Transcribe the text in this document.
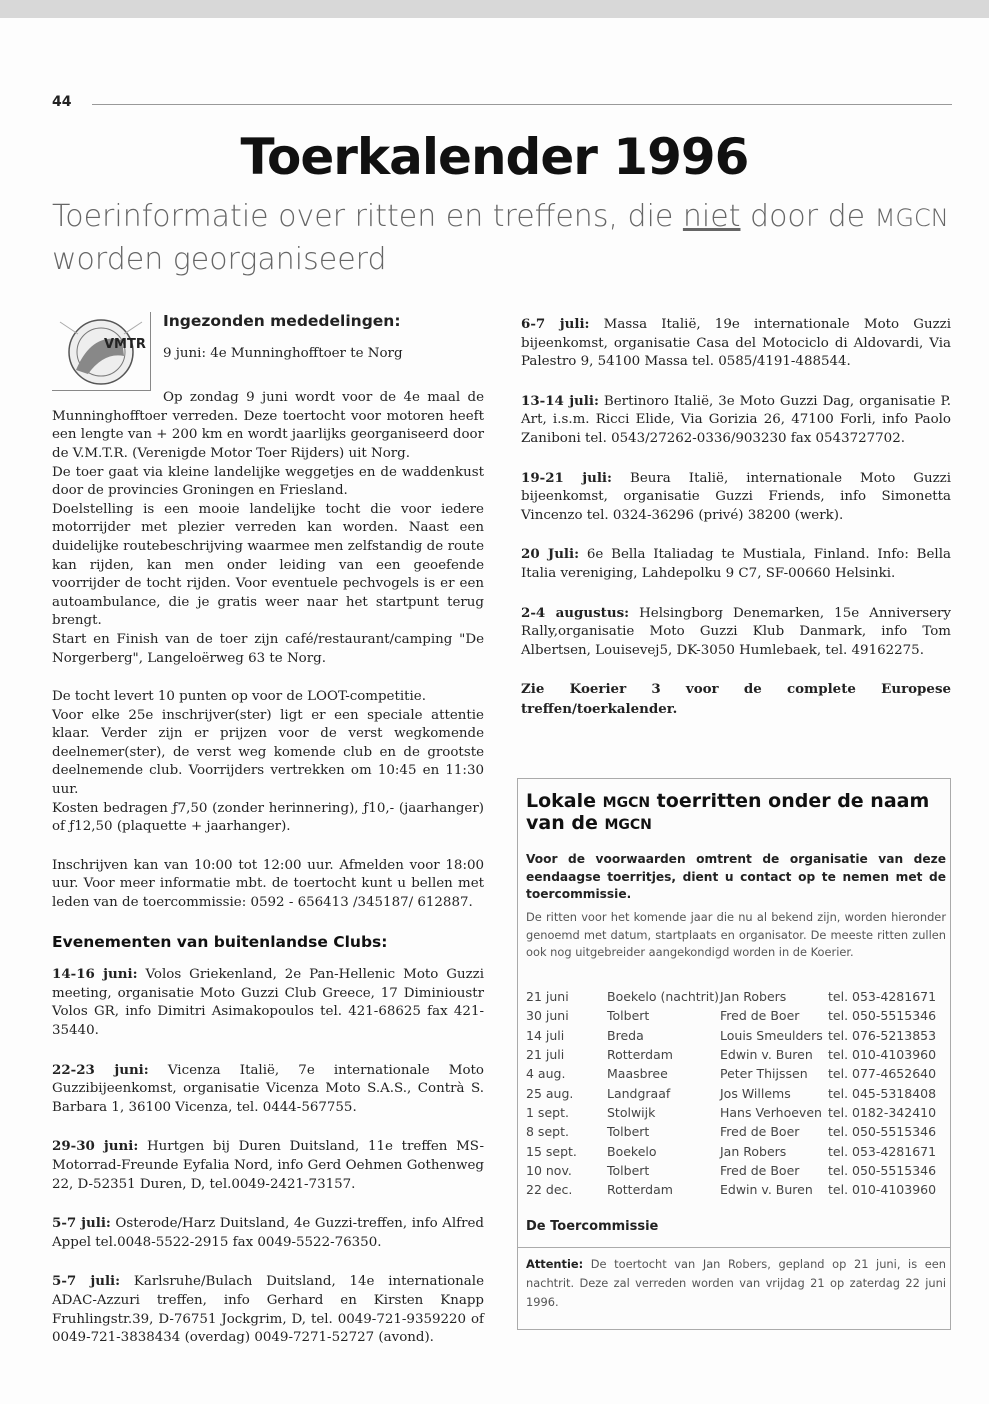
44
Toerkalender 1996
Toerinformatie over ritten en treffens, die niet door de MGCN
worden georganiseerd
VMTR
Ingezonden mededelingen:

9 juni: 4e Munninghofftoer te Norg

Op zondag 9 juni wordt voor de 4e maal de Munninghofftoer verreden. Deze toertocht voor motoren heeft een lengte van + 200 km en wordt jaarlijks georganiseerd door de V.M.T.R. (Verenigde Motor Toer Rijders) uit Norg.

De toer gaat via kleine landelijke weggetjes en de waddenkust door de provincies Groningen en Friesland.

Doelstelling is een mooie landelijke tocht die voor iedere motorrijder met plezier verreden kan worden. Naast een duidelijke routebeschrijving waarmee men zelfstandig de route kan rijden, kan men onder leiding van een geoefende voorrijder de tocht rijden. Voor eventuele pechvogels is er een autoambulance, die je gratis weer naar het startpunt terug brengt.

Start en Finish van de toer zijn café/restaurant/camping "De Norgerberg", Langeloërweg 63 te Norg.

De tocht levert 10 punten op voor de LOOT-competitie.

Voor elke 25e inschrijver(ster) ligt er een speciale attentie klaar. Verder zijn er prijzen voor de verst wegkomende deelnemer(ster), de verst weg komende club en de grootste deelnemende club. Voorrijders vertrekken om 10:45 en 11:30 uur.

Kosten bedragen ƒ7,50 (zonder herinnering), ƒ10,- (jaarhanger) of ƒ12,50 (plaquette + jaarhanger).

Inschrijven kan van 10:00 tot 12:00 uur. Afmelden voor 18:00 uur. Voor meer informatie mbt. de toertocht kunt u bellen met leden van de toercommissie: 0592 - 656413 /345187/ 612887.

Evenementen van buitenlandse Clubs:

14-16 juni: Volos Griekenland, 2e Pan-Hellenic Moto Guzzi meeting, organisatie Moto Guzzi Club Greece, 17 Diminioustr Volos GR, info Dimitri Asimakopoulos tel. 421-68625 fax 421-35440.

22-23 juni: Vicenza Italië, 7e internationale Moto Guzzibijeenkomst, organisatie Vicenza Moto S.A.S., Contrà S. Barbara 1, 36100 Vicenza, tel. 0444-567755.

29-30 juni: Hurtgen bij Duren Duitsland, 11e treffen MS-Motorrad-Freunde Eyfalia Nord, info Gerd Oehmen Gothenweg 22, D-52351 Duren, D, tel.0049-2421-73157.

5-7 juli: Osterode/Harz Duitsland, 4e Guzzi-treffen, info Alfred Appel tel.0048-5522-2915 fax 0049-5522-76350.

5-7 juli: Karlsruhe/Bulach Duitsland, 14e internationale ADAC-Azzuri treffen, info Gerhard en Kirsten Knapp Fruhlingstr.39, D-76751 Jockgrim, D, tel. 0049-721-9359220 of 0049-721-3838434 (overdag) 0049-7271-52727 (avond).

6-7 juli: Massa Italië, 19e internationale Moto Guzzi bijeenkomst, organisatie Casa del Motociclo di Aldovardi, Via Palestro 9, 54100 Massa tel. 0585/4191-488544.

13-14 juli: Bertinoro Italië, 3e Moto Guzzi Dag, organisatie P. Art, i.s.m. Ricci Elide, Via Gorizia 26, 47100 Forli, info Paolo Zaniboni tel. 0543/27262-0336/903230 fax 0543727702.

19-21 juli: Beura Italië, internationale Moto Guzzi bijeenkomst, organisatie Guzzi Friends, info Simonetta Vincenzo tel. 0324-36296 (privé) 38200 (werk).

20 Juli: 6e Bella Italiadag te Mustiala, Finland. Info: Bella Italia vereniging, Lahdepolku 9 C7, SF-00660 Helsinki.

2-4 augustus: Helsingborg Denemarken, 15e Anniversery Rally,organisatie Moto Guzzi Klub Danmark, info Tom Albertsen, Louisevej5, DK-3050 Humlebaek, tel. 49162275.

Zie Koerier 3 voor de complete Europese treffen/toerkalender.

Lokale MGCN toerritten onder de naam van de MGCN
Voor de voorwaarden omtrent de organisatie van deze eendaagse toerritjes, dient u contact op te nemen met de toercommissie.
De ritten voor het komende jaar die nu al bekend zijn, worden hieronder genoemd met datum, startplaats en organisator. De meeste ritten zullen ook nog uitgebreider aangekondigd worden in de Koerier.
21 juni	Boekelo (nachtrit)	Jan Robers	tel. 053-4281671
30 juni	Tolbert	Fred de Boer	tel. 050-5515346
14 juli	Breda	Louis Smeulders	tel. 076-5213853
21 juli	Rotterdam	Edwin v. Buren	tel. 010-4103960
4 aug.	Maasbree	Peter Thijssen	tel. 077-4652640
25 aug.	Landgraaf	Jos Willems	tel. 045-5318408
1 sept.	Stolwijk	Hans Verhoeven	tel. 0182-342410
8 sept.	Tolbert	Fred de Boer	tel. 050-5515346
15 sept.	Boekelo	Jan Robers	tel. 053-4281671
10 nov.	Tolbert	Fred de Boer	tel. 050-5515346
22 dec.	Rotterdam	Edwin v. Buren	tel. 010-4103960
De Toercommissie
Attentie: De toertocht van Jan Robers, gepland op 21 juni, is een nachtrit. Deze zal verreden worden van vrijdag 21 op zaterdag 22 juni 1996.
